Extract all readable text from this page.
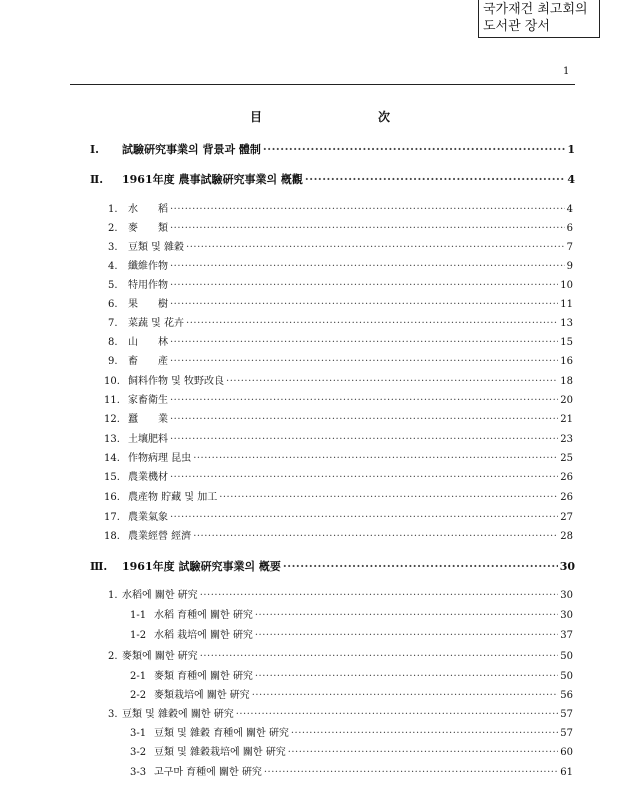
국가재건 최고회의
도서관 장서
1
目	次
Ⅰ.	試驗硏究事業의 背景과 體制 ·····	1
Ⅱ.	1961年度 農事試驗硏究事業의 槪觀 ·····	4
1.	水　　稻 ·····	4
2.	麥　　類 ·····	6
3.	豆類 및 雜穀 ·····	7
4.	纖維作物 ·····	9
5.	特用作物 ·····	10
6.	果　　樹 ·····	11
7.	菜蔬 및 花卉 ·····	13
8.	山　　林 ·····	15
9.	畜　　產 ·····	16
10. 飼料作物 및 牧野改良 ·····	18
11. 家畜衛生 ·····	20
12. 蠶　　業 ·····	21
13. 土壤肥料 ·····	23
14. 作物病理 昆虫 ·····	25
15. 農業機材 ·····	26
16. 農產物 貯藏 및 加工 ·····	26
17. 農業氣象 ·····	27
18. 農業經營 經濟 ·····	28
Ⅲ.	1961年度 試驗硏究事業의 槪要 ·····	30
1. 水稻에 關한 硏究 ·····	30
1-1 水稻 育種에 關한 硏究 ·····	30
1-2 水稻 栽培에 關한 硏究 ·····	37
2. 麥類에 關한 硏究 ·····	50
2-1 麥類 育種에 關한 硏究 ·····	50
2-2 麥類栽培에 關한 硏究 ·····	56
3. 豆類 및 雜穀에 關한 硏究 ·····	57
3-1 豆類 및 雜穀 育種에 關한 硏究 ·····	57
3-2 豆類 및 雜穀栽培에 關한 硏究 ·····	60
3-3 고구마 育種에 關한 硏究 ·····	61
